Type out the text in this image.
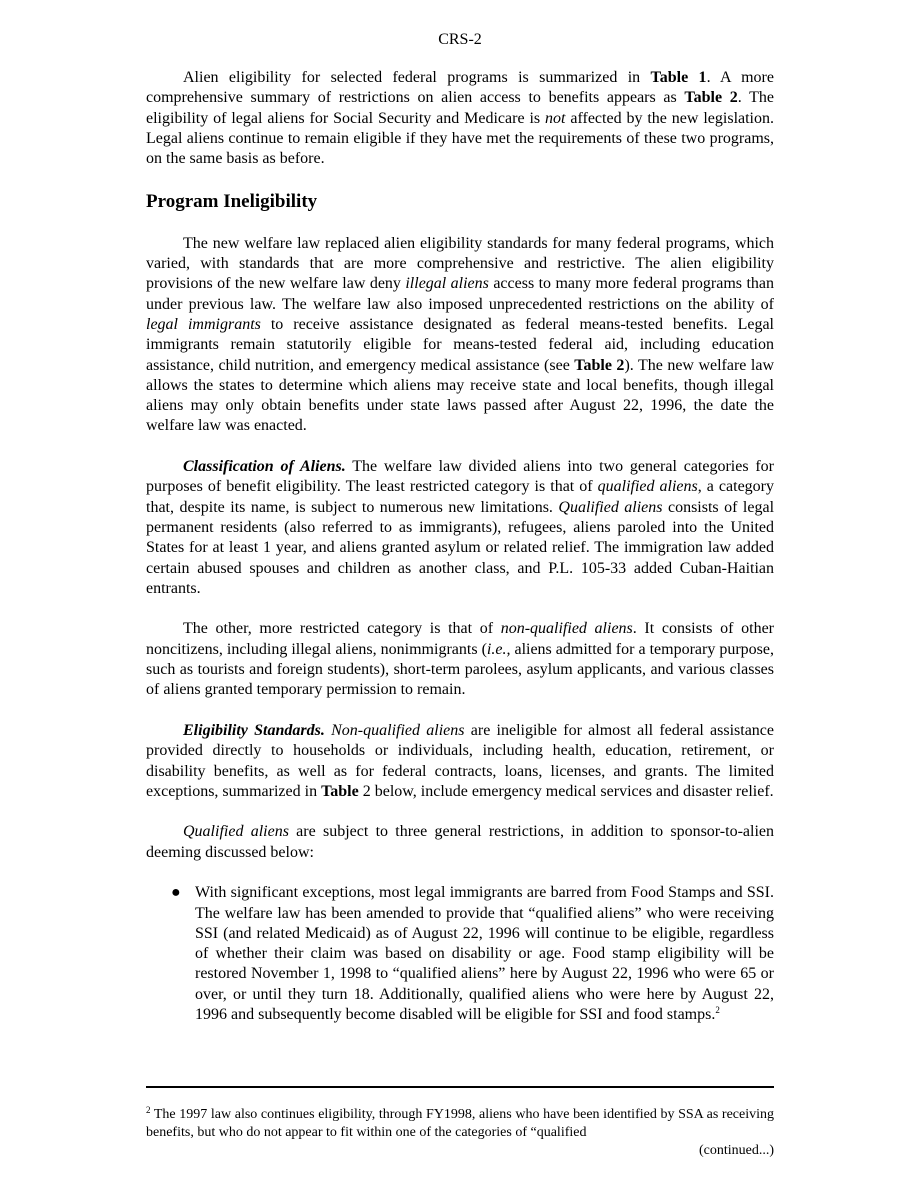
CRS-2

Alien eligibility for selected federal programs is summarized in Table 1. A more comprehensive summary of restrictions on alien access to benefits appears as Table 2. The eligibility of legal aliens for Social Security and Medicare is not affected by the new legislation. Legal aliens continue to remain eligible if they have met the requirements of these two programs, on the same basis as before.

Program Ineligibility

The new welfare law replaced alien eligibility standards for many federal programs, which varied, with standards that are more comprehensive and restrictive. The alien eligibility provisions of the new welfare law deny illegal aliens access to many more federal programs than under previous law. The welfare law also imposed unprecedented restrictions on the ability of legal immigrants to receive assistance designated as federal means-tested benefits. Legal immigrants remain statutorily eligible for means-tested federal aid, including education assistance, child nutrition, and emergency medical assistance (see Table 2). The new welfare law allows the states to determine which aliens may receive state and local benefits, though illegal aliens may only obtain benefits under state laws passed after August 22, 1996, the date the welfare law was enacted.

Classification of Aliens. The welfare law divided aliens into two general categories for purposes of benefit eligibility. The least restricted category is that of qualified aliens, a category that, despite its name, is subject to numerous new limitations. Qualified aliens consists of legal permanent residents (also referred to as immigrants), refugees, aliens paroled into the United States for at least 1 year, and aliens granted asylum or related relief. The immigration law added certain abused spouses and children as another class, and P.L. 105-33 added Cuban-Haitian entrants.

The other, more restricted category is that of non-qualified aliens. It consists of other noncitizens, including illegal aliens, nonimmigrants (i.e., aliens admitted for a temporary purpose, such as tourists and foreign students), short-term parolees, asylum applicants, and various classes of aliens granted temporary permission to remain.

Eligibility Standards. Non-qualified aliens are ineligible for almost all federal assistance provided directly to households or individuals, including health, education, retirement, or disability benefits, as well as for federal contracts, loans, licenses, and grants. The limited exceptions, summarized in Table 2 below, include emergency medical services and disaster relief.

Qualified aliens are subject to three general restrictions, in addition to sponsor-to-alien deeming discussed below:

● With significant exceptions, most legal immigrants are barred from Food Stamps and SSI. The welfare law has been amended to provide that “qualified aliens” who were receiving SSI (and related Medicaid) as of August 22, 1996 will continue to be eligible, regardless of whether their claim was based on disability or age. Food stamp eligibility will be restored November 1, 1998 to “qualified aliens” here by August 22, 1996 who were 65 or over, or until they turn 18. Additionally, qualified aliens who were here by August 22, 1996 and subsequently become disabled will be eligible for SSI and food stamps.$^2$
$^2$ The 1997 law also continues eligibility, through FY1998, aliens who have been identified by SSA as receiving benefits, but who do not appear to fit within one of the categories of “qualified
(continued...)
